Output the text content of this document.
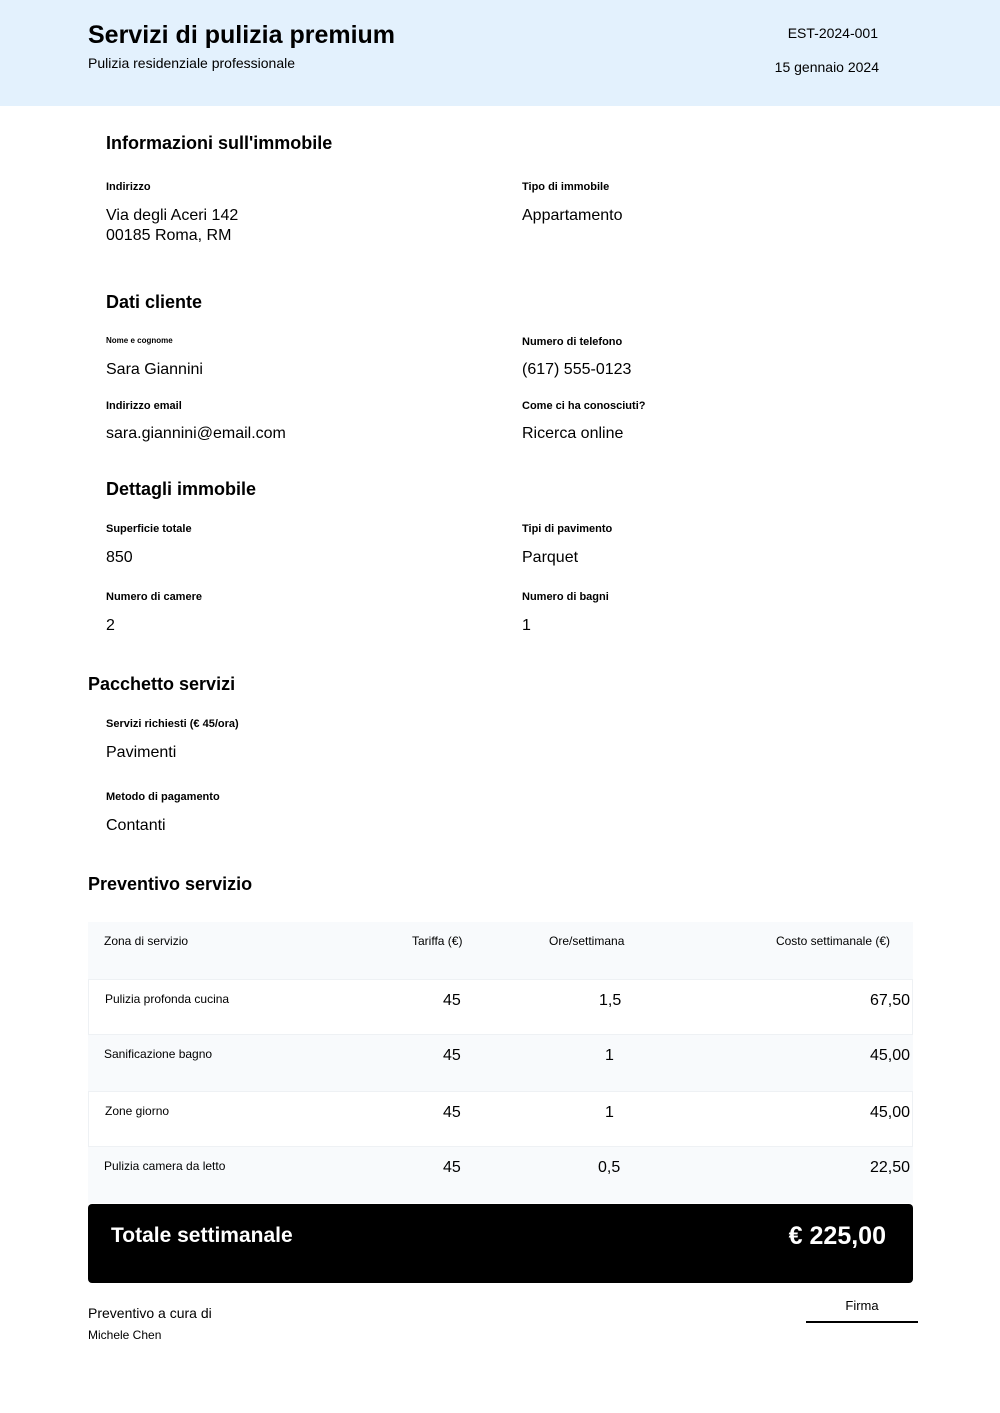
Servizi di pulizia premium
Pulizia residenziale professionale
EST-2024-001
15 gennaio 2024
Informazioni sull'immobile
Indirizzo
Via degli Aceri 142
00185 Roma, RM
Tipo di immobile
Appartamento
Dati cliente
Nome e cognome
Sara Giannini
Numero di telefono
(617) 555-0123
Indirizzo email
sara.giannini@email.com
Come ci ha conosciuti?
Ricerca online
Dettagli immobile
Superficie totale
850
Tipi di pavimento
Parquet
Numero di camere
2
Numero di bagni
1
Pacchetto servizi
Servizi richiesti (€ 45/ora)
Pavimenti
Metodo di pagamento
Contanti
Preventivo servizio
Zona di servizio	Tariffa (€)	Ore/settimana	Costo settimanale (€)
Pulizia profonda cucina	45	1,5	67,50
Sanificazione bagno	45	1	45,00
Zone giorno	45	1	45,00
Pulizia camera da letto	45	0,5	22,50
Totale settimanale	€ 225,00
Preventivo a cura di
Michele Chen
Firma
